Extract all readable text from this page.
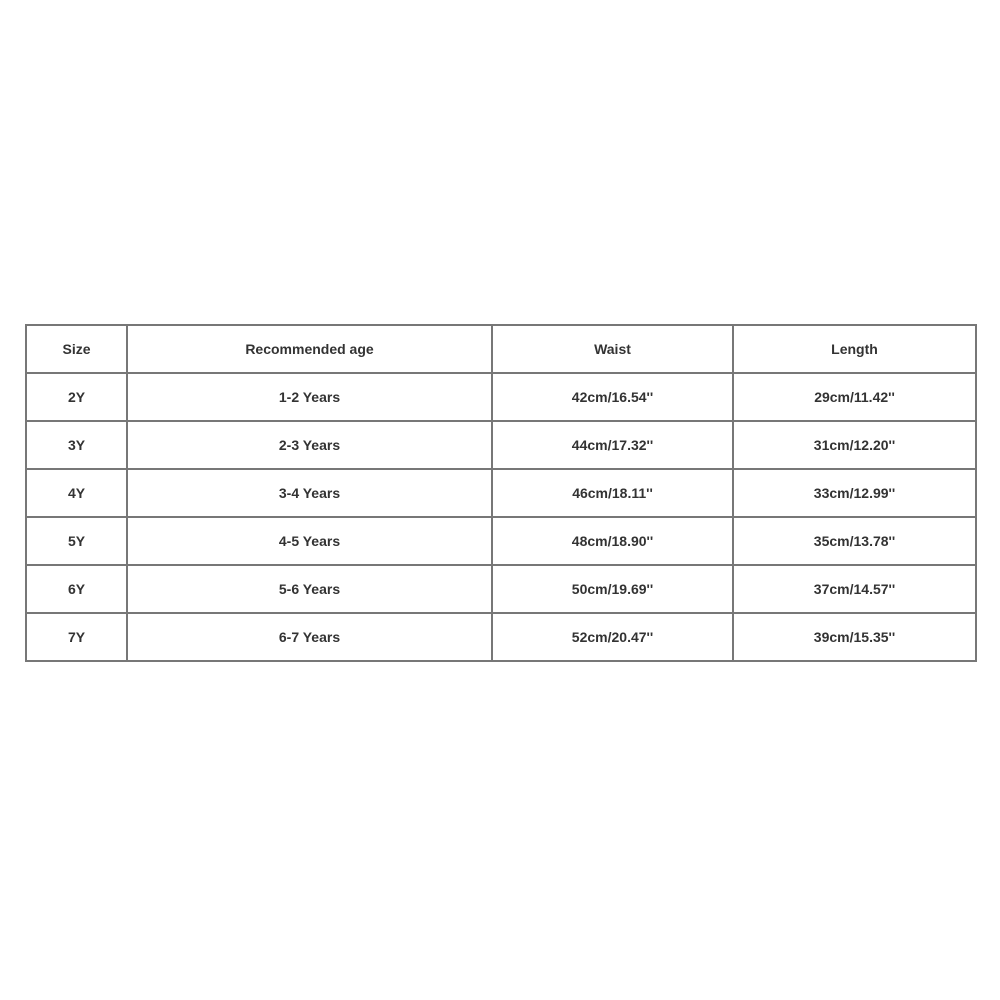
Size	Recommended age	Waist	Length
2Y	1-2 Years	42cm/16.54''	29cm/11.42''
3Y	2-3 Years	44cm/17.32''	31cm/12.20''
4Y	3-4 Years	46cm/18.11''	33cm/12.99''
5Y	4-5 Years	48cm/18.90''	35cm/13.78''
6Y	5-6 Years	50cm/19.69''	37cm/14.57''
7Y	6-7 Years	52cm/20.47''	39cm/15.35''
